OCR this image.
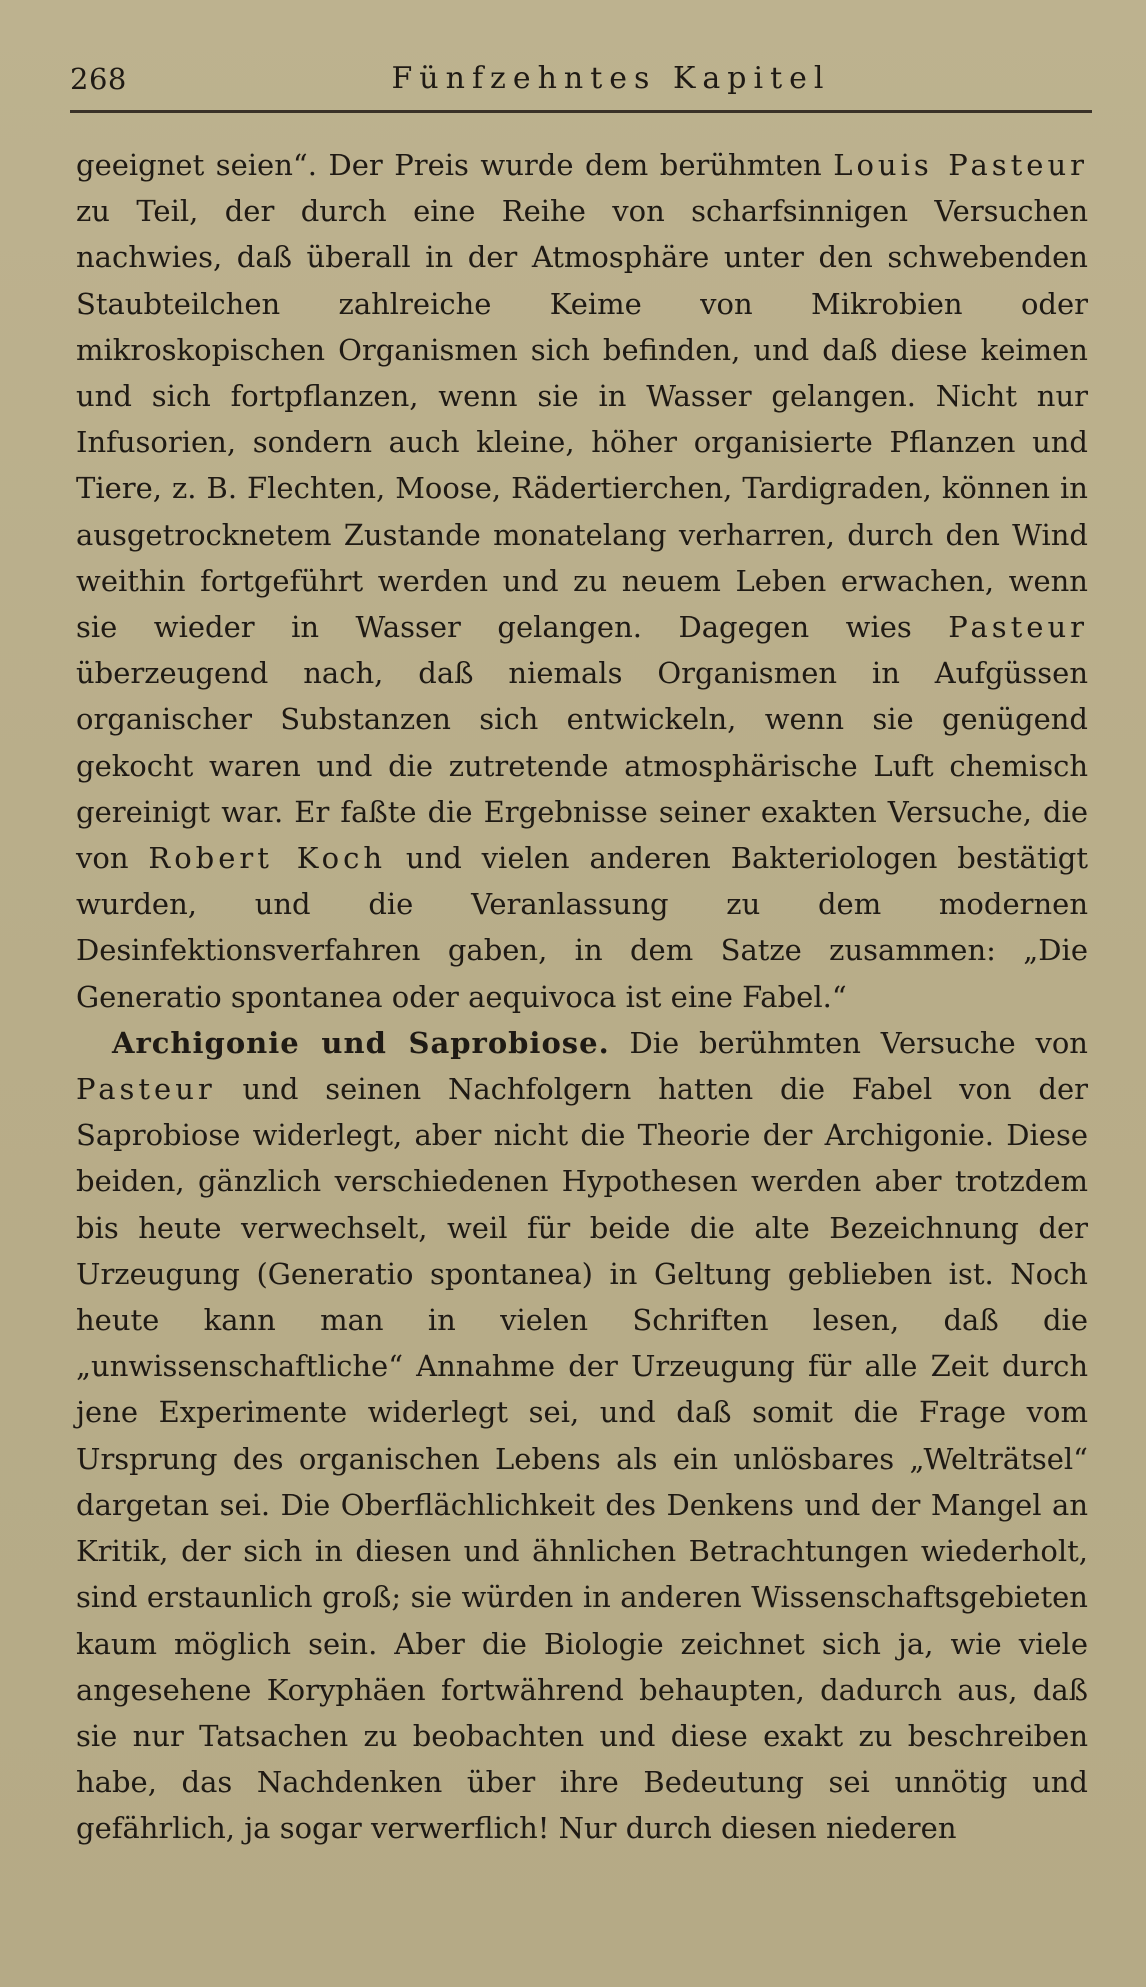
268	Fünfzehntes Kapitel

geeignet seien“. Der Preis wurde dem berühmten Louis Pasteur zu Teil, der durch eine Reihe von scharfsinnigen Versuchen nachwies, daß überall in der Atmosphäre unter den schwebenden Staubteilchen zahlreiche Keime von Mikrobien oder mikroskopischen Organismen sich befinden, und daß diese keimen und sich fortpflanzen, wenn sie in Wasser gelangen. Nicht nur Infusorien, sondern auch kleine, höher organisierte Pflanzen und Tiere, z. B. Flechten, Moose, Rädertierchen, Tardigraden, können in ausgetrocknetem Zustande monatelang verharren, durch den Wind weithin fortgeführt werden und zu neuem Leben erwachen, wenn sie wieder in Wasser gelangen. Dagegen wies Pasteur überzeugend nach, daß niemals Organismen in Aufgüssen organischer Substanzen sich entwickeln, wenn sie genügend gekocht waren und die zutretende atmosphärische Luft chemisch gereinigt war. Er faßte die Ergebnisse seiner exakten Versuche, die von Robert Koch und vielen anderen Bakteriologen bestätigt wurden, und die Veranlassung zu dem modernen Desinfektionsverfahren gaben, in dem Satze zusammen: „Die Generatio spontanea oder aequivoca ist eine Fabel.“

Archigonie und Saprobiose. Die berühmten Versuche von Pasteur und seinen Nachfolgern hatten die Fabel von der Saprobiose widerlegt, aber nicht die Theorie der Archigonie. Diese beiden, gänzlich verschiedenen Hypothesen werden aber trotzdem bis heute verwechselt, weil für beide die alte Bezeichnung der Urzeugung (Generatio spontanea) in Geltung geblieben ist. Noch heute kann man in vielen Schriften lesen, daß die „unwissenschaftliche“ Annahme der Urzeugung für alle Zeit durch jene Experimente widerlegt sei, und daß somit die Frage vom Ursprung des organischen Lebens als ein unlösbares „Welträtsel“ dargetan sei. Die Oberflächlichkeit des Denkens und der Mangel an Kritik, der sich in diesen und ähnlichen Betrachtungen wiederholt, sind erstaunlich groß; sie würden in anderen Wissenschaftsgebieten kaum möglich sein. Aber die Biologie zeichnet sich ja, wie viele angesehene Koryphäen fortwährend behaupten, dadurch aus, daß sie nur Tatsachen zu beobachten und diese exakt zu beschreiben habe, das Nachdenken über ihre Bedeutung sei unnötig und gefährlich, ja sogar verwerflich! Nur durch diesen niederen
